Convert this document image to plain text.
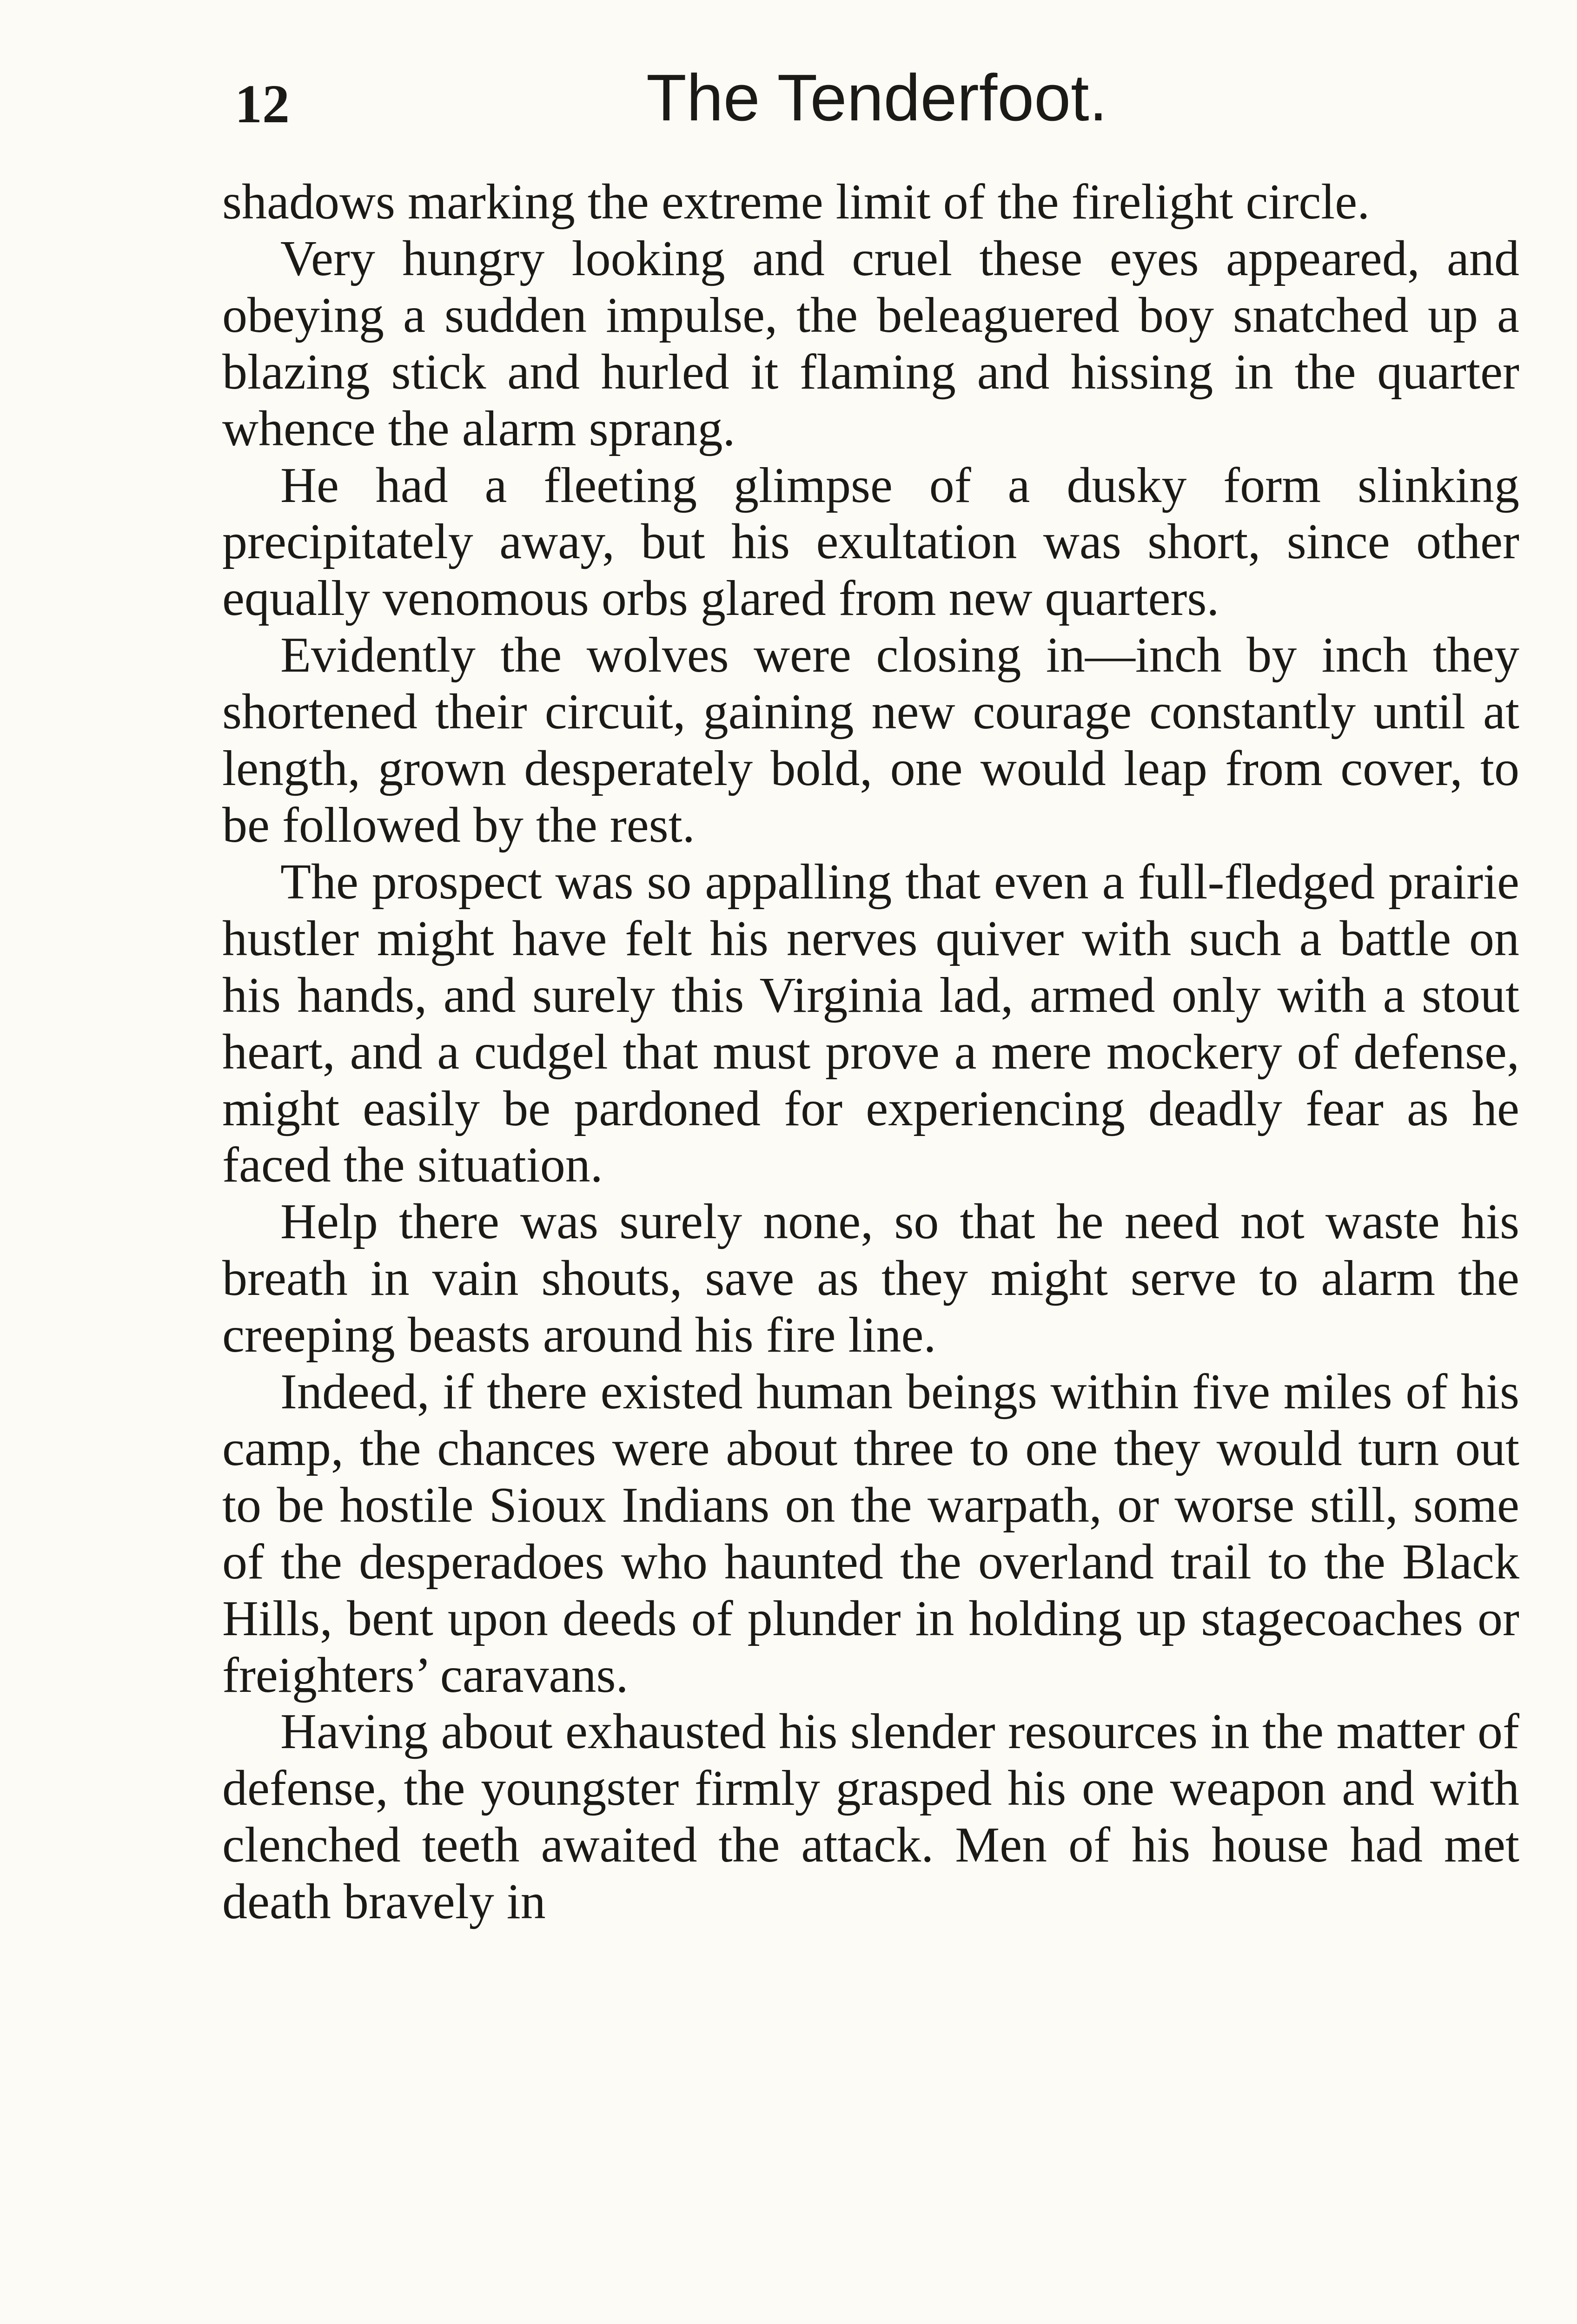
12	The Tenderfoot.

shadows marking the extreme limit of the firelight circle.

Very hungry looking and cruel these eyes appeared, and obeying a sudden impulse, the beleaguered boy snatched up a blazing stick and hurled it flaming and hissing in the quarter whence the alarm sprang.

He had a fleeting glimpse of a dusky form slinking precipitately away, but his exultation was short, since other equally venomous orbs glared from new quarters.

Evidently the wolves were closing in—inch by inch they shortened their circuit, gaining new courage constantly until at length, grown desperately bold, one would leap from cover, to be followed by the rest.

The prospect was so appalling that even a full-fledged prairie hustler might have felt his nerves quiver with such a battle on his hands, and surely this Virginia lad, armed only with a stout heart, and a cudgel that must prove a mere mockery of defense, might easily be pardoned for experiencing deadly fear as he faced the situation.

Help there was surely none, so that he need not waste his breath in vain shouts, save as they might serve to alarm the creeping beasts around his fire line.

Indeed, if there existed human beings within five miles of his camp, the chances were about three to one they would turn out to be hostile Sioux Indians on the warpath, or worse still, some of the desperadoes who haunted the overland trail to the Black Hills, bent upon deeds of plunder in holding up stagecoaches or freighters’ caravans.

Having about exhausted his slender resources in the matter of defense, the youngster firmly grasped his one weapon and with clenched teeth awaited the attack. Men of his house had met death bravely in
